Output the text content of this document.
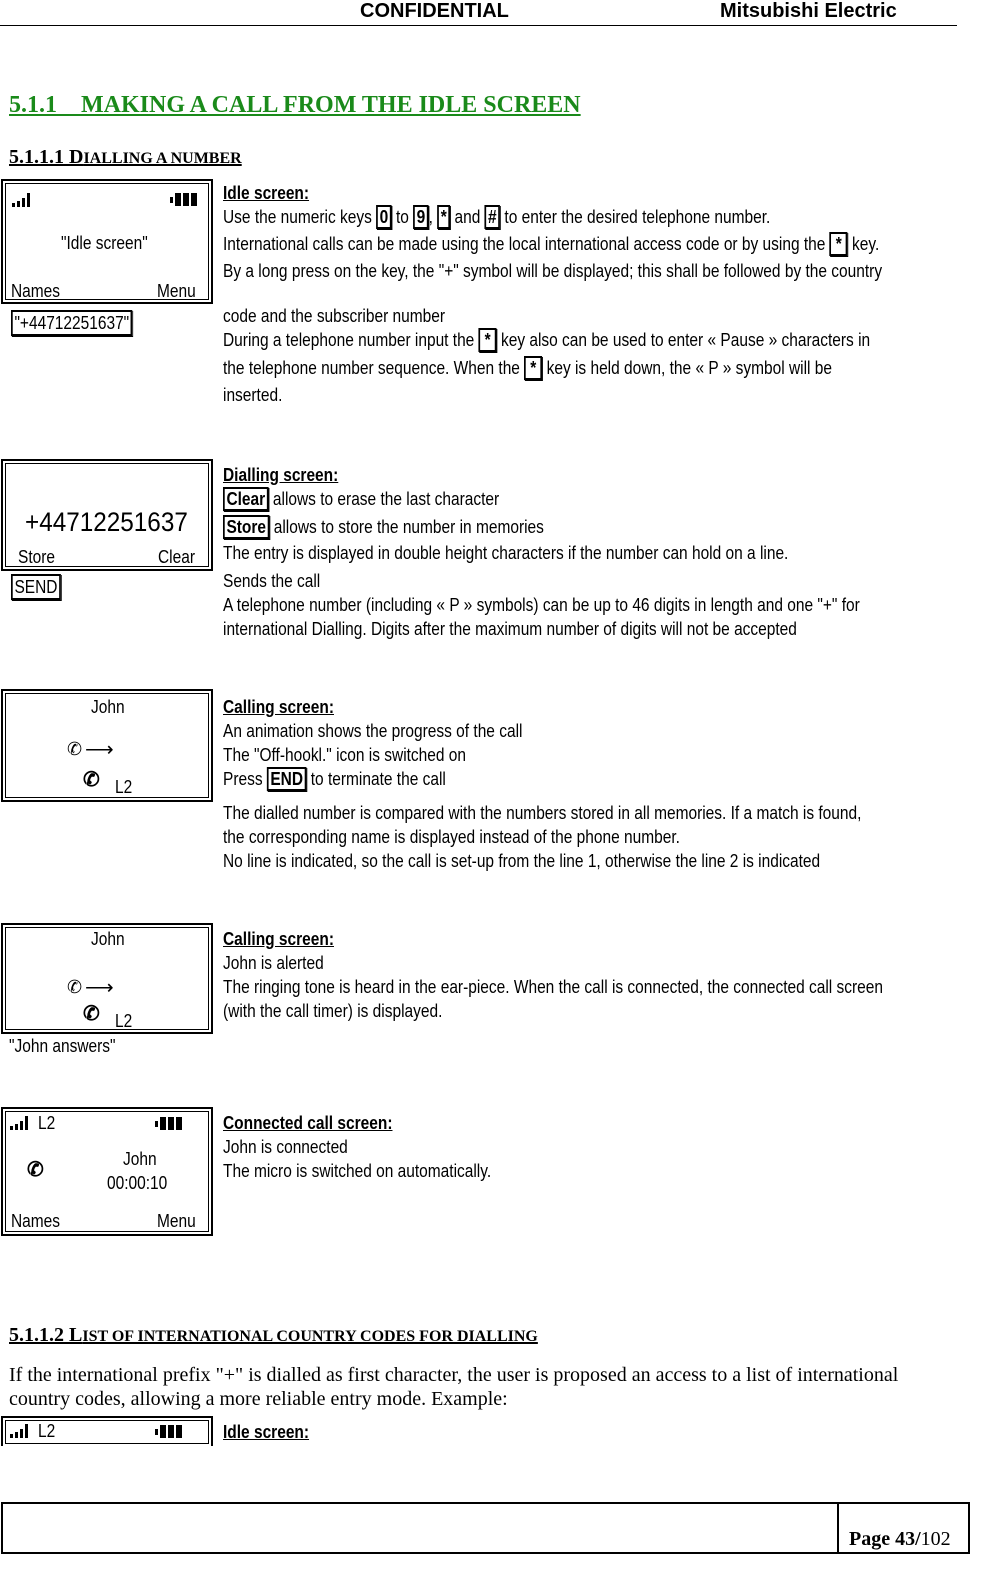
CONFIDENTIAL	Mitsubishi Electric
5.1.1    MAKING A CALL FROM THE IDLE SCREEN
5.1.1.1 DIALLING A NUMBER
"Idle screen"
Names	Menu
"+44712251637"
Idle screen:
Use the numeric keys 0 to 9 , * and # to enter the desired telephone number.
International calls can be made using the local international access code or by using the * key.
By a long press on the key, the "+" symbol will be displayed; this shall be followed by the country
code and the subscriber number
During a telephone number input the * key also can be used to enter « Pause » characters in
the telephone number sequence. When the * key is held down, the « P » symbol will be
inserted.
+44712251637
Store	Clear
SEND
Dialling screen:
Clear allows to erase the last character
Store allows to store the number in memories
The entry is displayed in double height characters if the number can hold on a line.
Sends the call
A telephone number (including « P » symbols) can be up to 46 digits in length and one "+" for
international Dialling. Digits after the maximum number of digits will not be accepted
John
✆ ⟶
✆ L2
Calling screen:
An animation shows the progress of the call
The "Off-hookl." icon is switched on
Press END to terminate the call
The dialled number is compared with the numbers stored in all memories. If a match is found,
the corresponding name is displayed instead of the phone number.
No line is indicated, so the call is set-up from the line 1, otherwise the line 2 is indicated
John
✆ ⟶
✆ L2
"John answers"
Calling screen:
John is alerted
The ringing tone is heard in the ear-piece. When the call is connected, the connected call screen
(with the call timer) is displayed.
L2
✆	John
00:00:10
Names	Menu
Connected call screen:
John is connected
The micro is switched on automatically.
5.1.1.2 LIST OF INTERNATIONAL COUNTRY CODES FOR DIALLING
If the international prefix "+" is dialled as first character, the user is proposed an access to a list of international
country codes, allowing a more reliable entry mode. Example:
L2	Idle screen:
Page 43/102
